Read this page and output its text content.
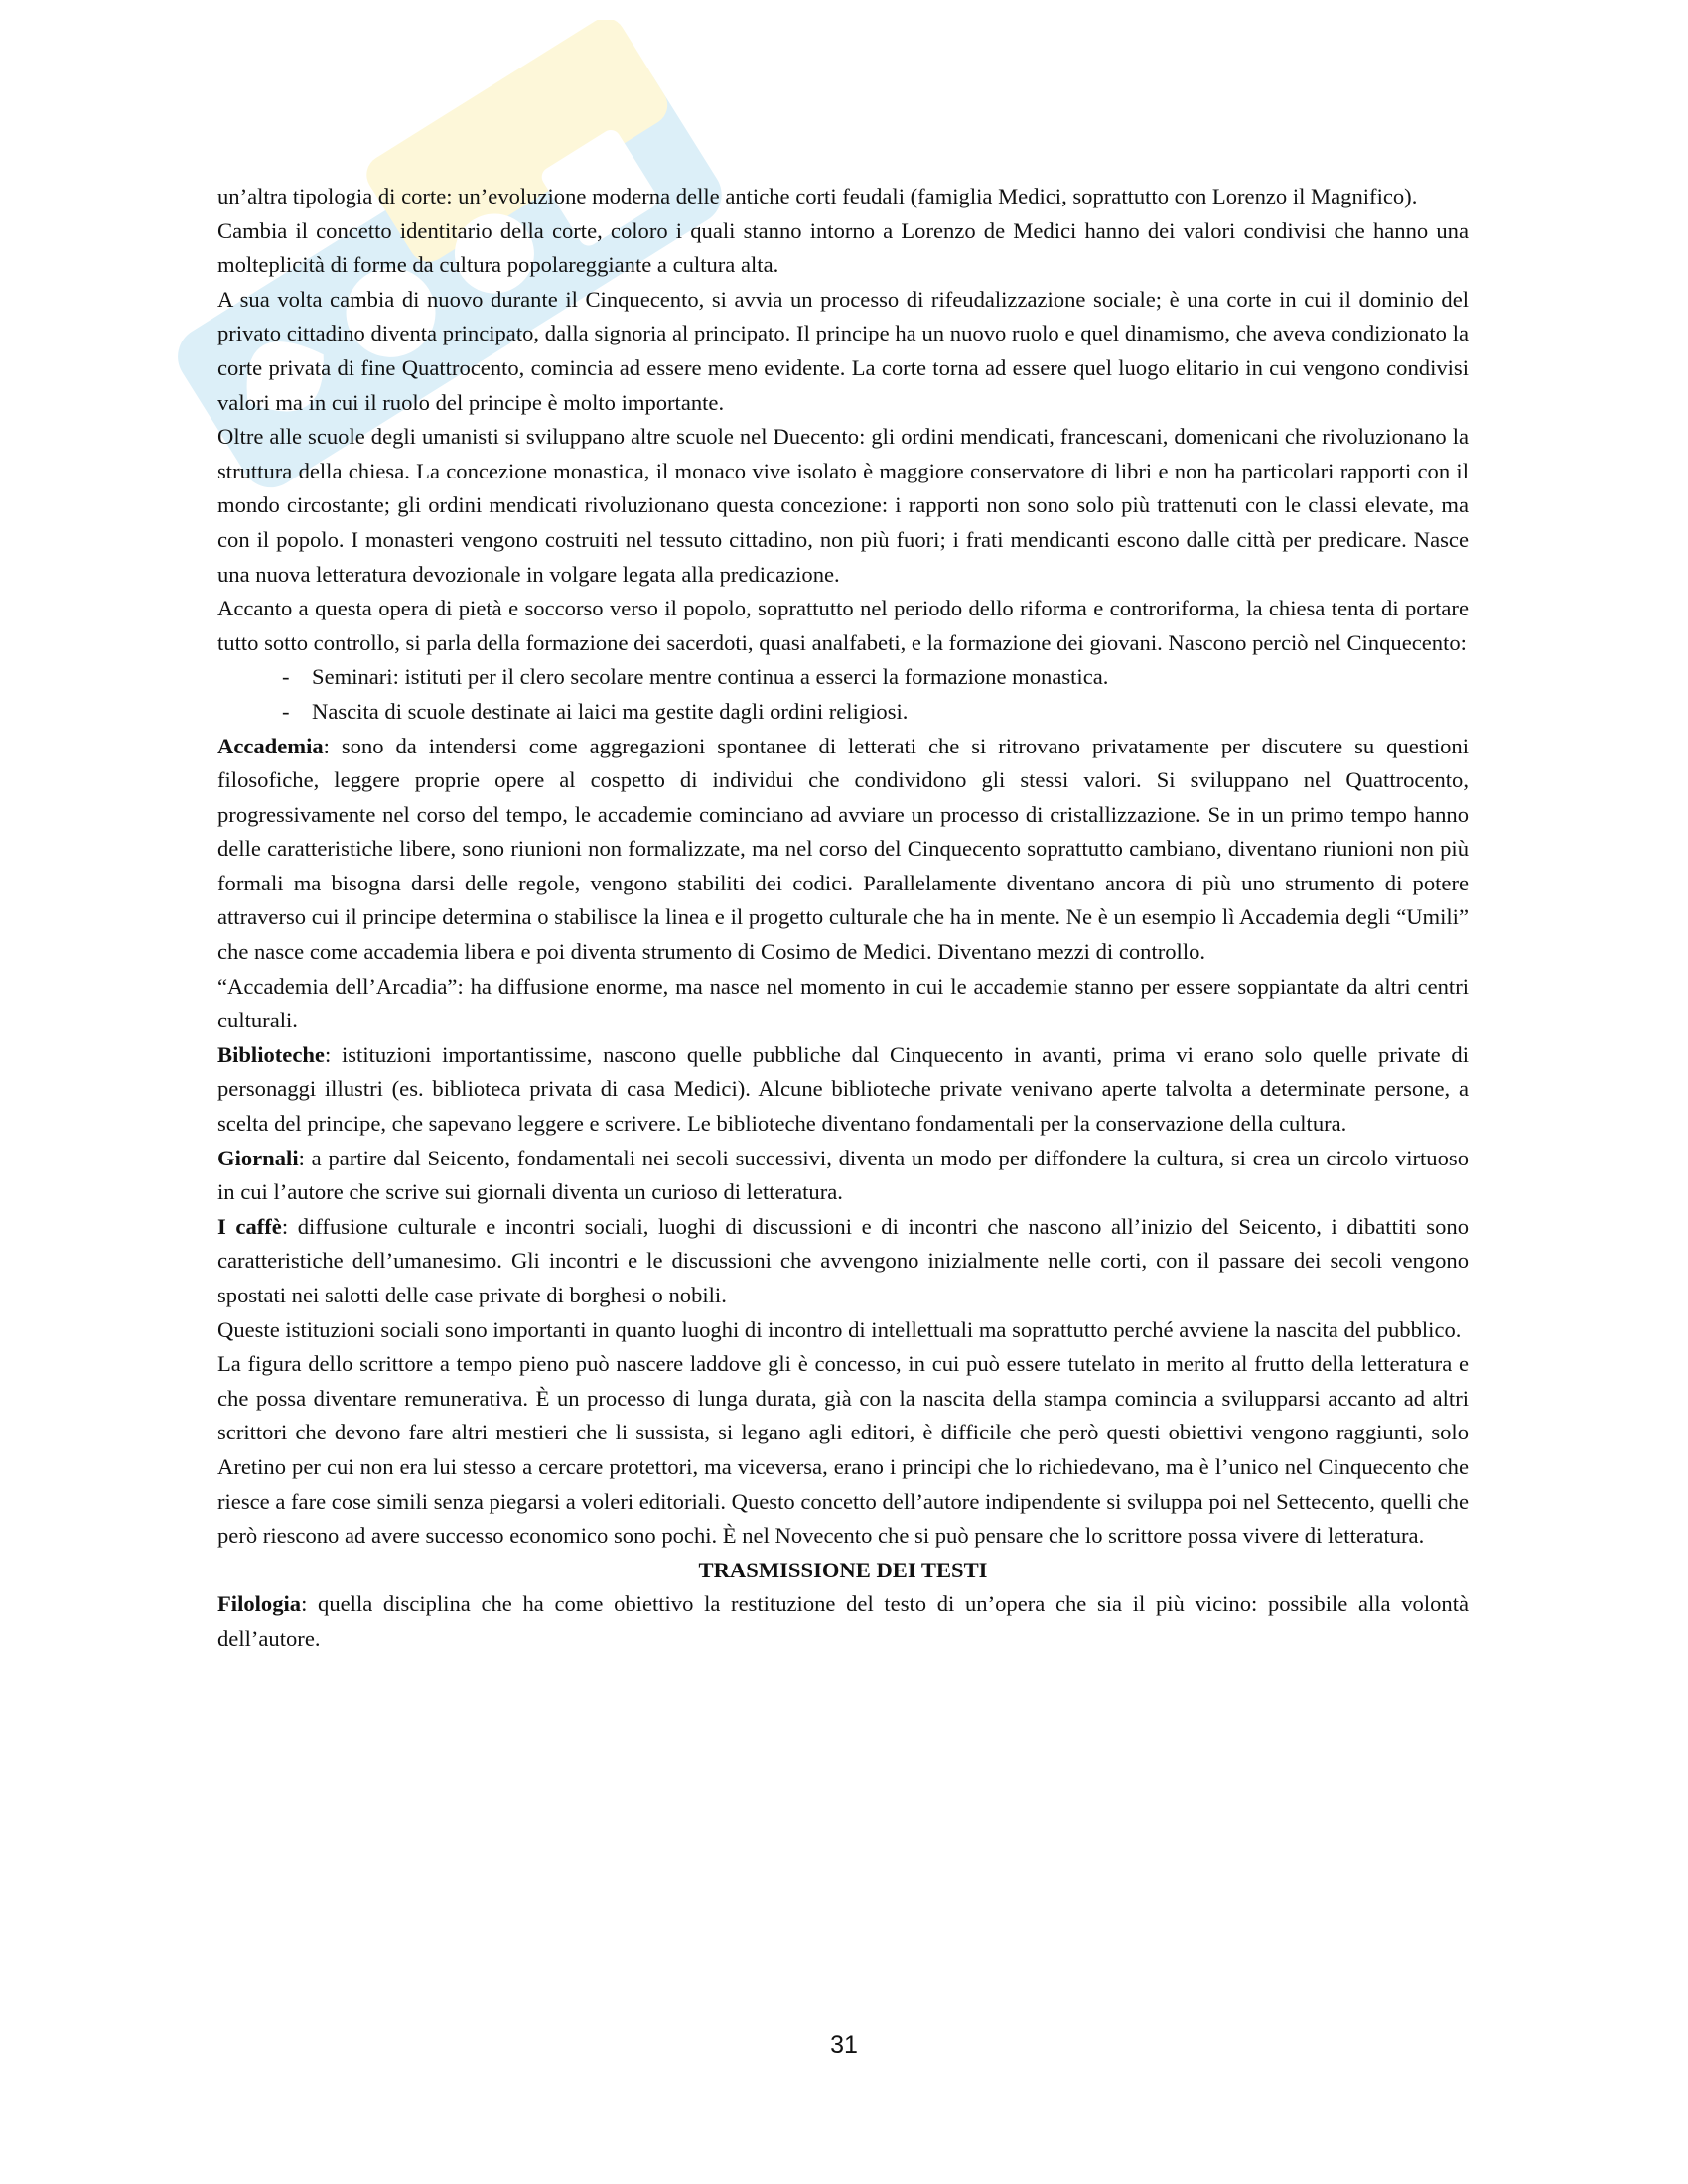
un’altra tipologia di corte: un’evoluzione moderna delle antiche corti feudali (famiglia Medici, soprattutto con Lorenzo il Magnifico).

Cambia il concetto identitario della corte, coloro i quali stanno intorno a Lorenzo de Medici hanno dei valori condivisi che hanno una molteplicità di forme da cultura popolareggiante a cultura alta.

A sua volta cambia di nuovo durante il Cinquecento, si avvia un processo di rifeudalizzazione sociale; è una corte in cui il dominio del privato cittadino diventa principato, dalla signoria al principato. Il principe ha un nuovo ruolo e quel dinamismo, che aveva condizionato la corte privata di fine Quattrocento, comincia ad essere meno evidente. La corte torna ad essere quel luogo elitario in cui vengono condivisi valori ma in cui il ruolo del principe è molto importante.

Oltre alle scuole degli umanisti si sviluppano altre scuole nel Duecento: gli ordini mendicati, francescani, domenicani che rivoluzionano la struttura della chiesa. La concezione monastica, il monaco vive isolato è maggiore conservatore di libri e non ha particolari rapporti con il mondo circostante; gli ordini mendicati rivoluzionano questa concezione: i rapporti non sono solo più trattenuti con le classi elevate, ma con il popolo. I monasteri vengono costruiti nel tessuto cittadino, non più fuori; i frati mendicanti escono dalle città per predicare. Nasce una nuova letteratura devozionale in volgare legata alla predicazione.

Accanto a questa opera di pietà e soccorso verso il popolo, soprattutto nel periodo dello riforma e controriforma, la chiesa tenta di portare tutto sotto controllo, si parla della formazione dei sacerdoti, quasi analfabeti, e la formazione dei giovani. Nascono perciò nel Cinquecento:

- Seminari: istituti per il clero secolare mentre continua a esserci la formazione monastica.
- Nascita di scuole destinate ai laici ma gestite dagli ordini religiosi.

Accademia: sono da intendersi come aggregazioni spontanee di letterati che si ritrovano privatamente per discutere su questioni filosofiche, leggere proprie opere al cospetto di individui che condividono gli stessi valori. Si sviluppano nel Quattrocento, progressivamente nel corso del tempo, le accademie cominciano ad avviare un processo di cristallizzazione. Se in un primo tempo hanno delle caratteristiche libere, sono riunioni non formalizzate, ma nel corso del Cinquecento soprattutto cambiano, diventano riunioni non più formali ma bisogna darsi delle regole, vengono stabiliti dei codici. Parallelamente diventano ancora di più uno strumento di potere attraverso cui il principe determina o stabilisce la linea e il progetto culturale che ha in mente. Ne è un esempio lì Accademia degli “Umili” che nasce come accademia libera e poi diventa strumento di Cosimo de Medici. Diventano mezzi di controllo.

“Accademia dell’Arcadia”: ha diffusione enorme, ma nasce nel momento in cui le accademie stanno per essere soppiantate da altri centri culturali.

Biblioteche: istituzioni importantissime, nascono quelle pubbliche dal Cinquecento in avanti, prima vi erano solo quelle private di personaggi illustri (es. biblioteca privata di casa Medici). Alcune biblioteche private venivano aperte talvolta a determinate persone, a scelta del principe, che sapevano leggere e scrivere. Le biblioteche diventano fondamentali per la conservazione della cultura.

Giornali: a partire dal Seicento, fondamentali nei secoli successivi, diventa un modo per diffondere la cultura, si crea un circolo virtuoso in cui l’autore che scrive sui giornali diventa un curioso di letteratura.

I caffè: diffusione culturale e incontri sociali, luoghi di discussioni e di incontri che nascono all’inizio del Seicento, i dibattiti sono caratteristiche dell’umanesimo. Gli incontri e le discussioni che avvengono inizialmente nelle corti, con il passare dei secoli vengono spostati nei salotti delle case private di borghesi o nobili.

Queste istituzioni sociali sono importanti in quanto luoghi di incontro di intellettuali ma soprattutto perché avviene la nascita del pubblico.

La figura dello scrittore a tempo pieno può nascere laddove gli è concesso, in cui può essere tutelato in merito al frutto della letteratura e che possa diventare remunerativa. È un processo di lunga durata, già con la nascita della stampa comincia a svilupparsi accanto ad altri scrittori che devono fare altri mestieri che li sussista, si legano agli editori, è difficile che però questi obiettivi vengono raggiunti, solo Aretino per cui non era lui stesso a cercare protettori, ma viceversa, erano i principi che lo richiedevano, ma è l’unico nel Cinquecento che riesce a fare cose simili senza piegarsi a voleri editoriali. Questo concetto dell’autore indipendente si sviluppa poi nel Settecento, quelli che però riescono ad avere successo economico sono pochi. È nel Novecento che si può pensare che lo scrittore possa vivere di letteratura.

TRASMISSIONE DEI TESTI

Filologia: quella disciplina che ha come obiettivo la restituzione del testo di un’opera che sia il più vicino: possibile alla volontà dell’autore.

31
